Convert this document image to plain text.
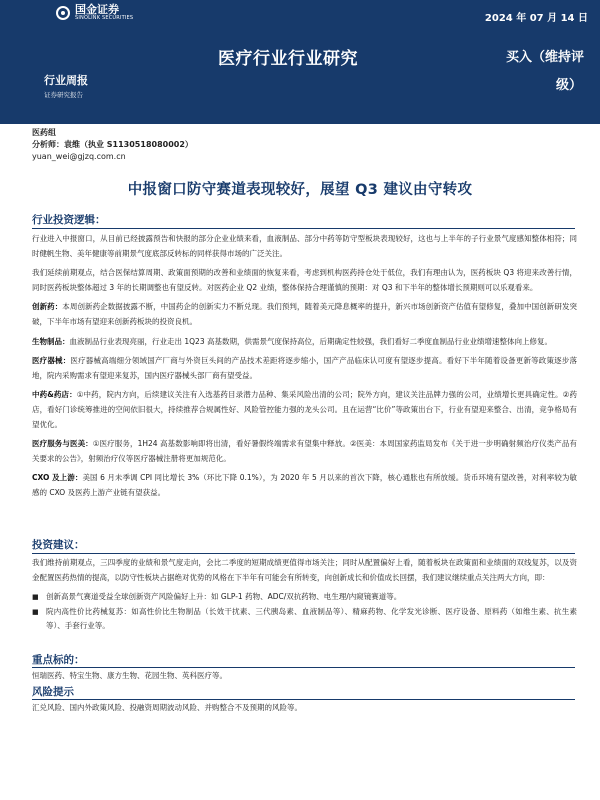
国金证券
SINOLINK SECURITIES	2024 年 07 月 14 日
医疗行业行业研究	买入（维持评
级）
行业周报
证券研究报告
医药组
分析师：袁维（执业 S1130518080002）
yuan_wei@gjzq.com.cn
中报窗口防守赛道表现较好，展望 Q3 建议由守转攻
行业投资逻辑：

行业进入中报窗口，从目前已经披露预告和快报的部分企业业绩来看，血液制品、部分中药等防守型板块表现较好，这也与上半年的子行业景气度感知整体相符；同时健帆生物、美年健康等前期景气度底部反转标的同样获得市场的广泛关注。

我们延续前期观点，结合医保结算周期、政策面预期的改善和业绩面的恢复来看，考虑到机构医药持仓处于低位，我们有理由认为，医药板块 Q3 将迎来改善行情，同时医药板块整体超过 3 年的长期调整也有望反转。对医药企业 Q2 业绩，整体保持合理谨慎的预期：对 Q3 和下半年的整体增长预期则可以乐观看来。

创新药：本周创新药企数据披露不断，中国药企的创新实力不断兑现。我们预判，随着美元降息概率的提升，新兴市场创新资产估值有望修复，叠加中国创新研发突破，下半年市场有望迎来创新药板块的投资良机。

生物制品：血液制品行业表现亮丽，行业走出 1Q23 高基数期，供需景气度保持高位，后期确定性较强，我们看好二季度血制品行业业绩增速整体向上修复。

医疗器械：医疗器械高端细分领域国产厂商与外资巨头间的产品技术差距将逐步缩小，国产产品临床认可度有望逐步提高。看好下半年随着设备更新等政策逐步落地，院内采购需求有望迎来复苏，国内医疗器械头部厂商有望受益。

中药&药店：①中药，院内方向，后续建议关注有入选基药目录潜力品种、集采风险出清的公司；院外方向，建议关注品牌力强的公司，业绩增长更具确定性。②药店，看好门诊统筹推进的空间依旧很大，持续推荐合规属性好、风险管控能力强的龙头公司。且在运营“比价”等政策出台下，行业有望迎来整合、出清，竞争格局有望优化。

医疗服务与医美：①医疗服务，1H24 高基数影响即将出清，看好暑假终端需求有望集中释放。②医美：本周国家药监局发布《关于进一步明确射频治疗仪类产品有关要求的公告》，射频治疗仪等医疗器械注册将更加规范化。

CXO 及上游：美国 6 月未季调 CPI 同比增长 3%（环比下降 0.1%），为 2020 年 5 月以来的首次下降，核心通胀也有所放缓。货币环境有望改善，对利率较为敏感的 CXO 及医药上游产业链有望获益。

投资建议：

我们维持前期观点，三四季度的业绩和景气度走向，会比二季度的短期成绩更值得市场关注；同时从配置偏好上看，随着板块在政策面和业绩面的双线复苏，以及资金配置医药热情的提高，以防守性板块占据绝对优势的风格在下半年有可能会有所转变，向创新成长和价值成长回摆，我们建议继续重点关注两大方向，即：

■ 创新高景气赛道受益全球创新资产风险偏好上升：如 GLP-1 药物、ADC/双抗药物、电生理/内窥镜赛道等。
■ 院内高性价比药械复苏：如高性价比生物制品（长效干扰素、三代胰岛素、血液制品等）、精麻药物、化学发光诊断、医疗设备、原料药（如维生素、抗生素等）、手套行业等。
重点标的：
恒瑞医药、特宝生物、康方生物、花园生物、英科医疗等。
风险提示
汇兑风险、国内外政策风险、投融资周期波动风险、并购整合不及预期的风险等。
